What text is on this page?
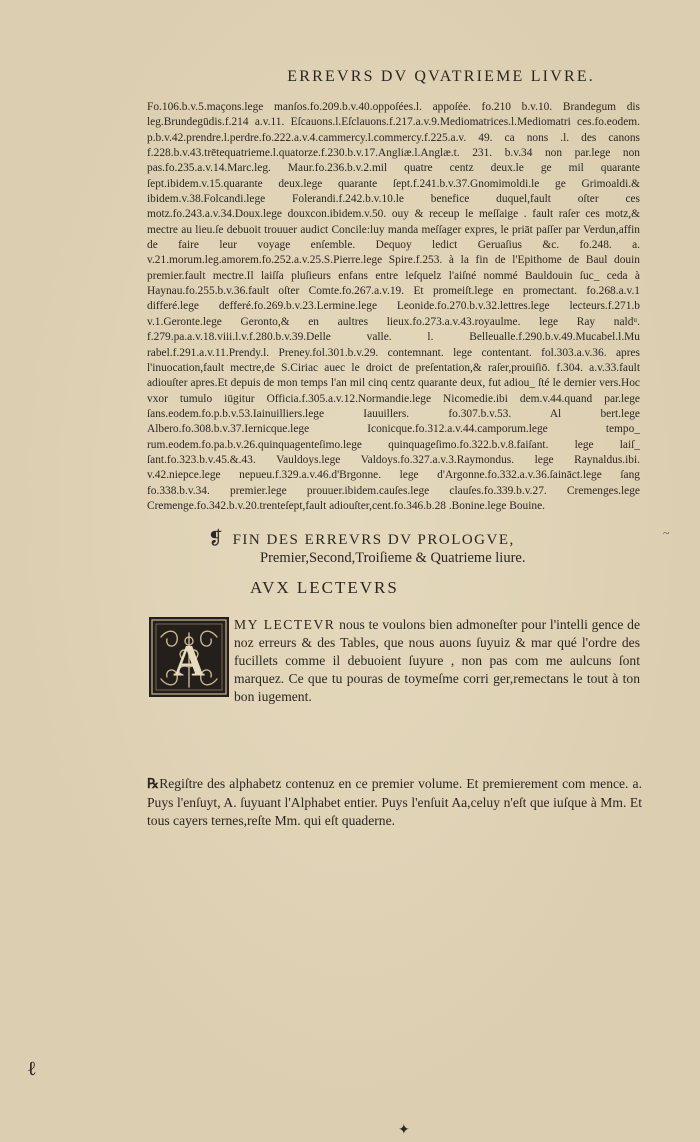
ERREVRS DV QVATRIEME LIVRE.
Fo.106.b.v.5.maçons.lege manſos.fo.209.b.v.40.oppoſées.l. appoſée. fo.210 b.v.10. Brandegum dis leg.Brundegūdis.f.214 a.v.11. Eſcauons.l.Eſclauons.f.217.a.v.9.Mediomatrices.l.Mediomatri ces.fo.eodem. p.b.v.42.prendre.l.perdre.fo.222.a.v.4.cammercy.l.commercy.f.225.a.v. 49. ca nons .l. des canons f.228.b.v.43.trētequatrieme.l.quatorze.f.230.b.v.17.Angliæ.l.Anglæ.t. 231. b.v.34 non par.lege non pas.fo.235.a.v.14.Marc.leg. Maur.fo.236.b.v.2.mil quatre centz deux.le ge mil quarante ſept.ibidem.v.15.quarante deux.lege quarante ſept.f.241.b.v.37.Gnomimoldi.le ge Grimoaldi.& ibidem.v.38.Folcandi.lege Folerandi.f.242.b.v.10.le benefice duquel,fault oſter ces motz.fo.243.a.v.34.Doux.lege douxcon.ibidem.v.50. ouy & receup le meſſaige . fault raſer ces motz,& mectre au lieu.ſe debuoit trouuer audict Concile:luy manda meſſager expres, le priāt paſſer par Verdun,affin de faire leur voyage enſemble. Dequoy ledict Geruaſius &c. fo.248. a. v.21.morum.leg.amorem.fo.252.a.v.25.S.Pierre.lege Spire.f.253. à la fin de l'Epithome de Baul douin premier.fault mectre.Il laiſſa pluſieurs enfans entre leſquelz l'aiſné nommé Bauldouin ſuc_ ceda à Haynau.fo.255.b.v.36.fault oſter Comte.fo.267.a.v.19. Et promeiſt.lege en promectant. fo.268.a.v.1 differé.lege defferé.fo.269.b.v.23.Lermine.lege Leonide.fo.270.b.v.32.lettres.lege lecteurs.f.271.b v.1.Geronte.lege Geronto,& en aultres lieux.fo.273.a.v.43.royaulme. lege Ray naldᵘ. f.279.pa.a.v.18.viii.l.v.f.280.b.v.39.Delle valle. l. Belleualle.f.290.b.v.49.Mucabel.l.Mu rabel.f.291.a.v.11.Prendy.l. Preney.fol.301.b.v.29. contemnant. lege contentant. fol.303.a.v.36. apres l'inuocation,fault mectre,de S.Ciriac auec le droict de preſentation,& raſer,prouiſiō. f.304. a.v.33.fault adiouſter apres.Et depuis de mon temps l'an mil cinq centz quarante deux, fut adiou_ ſté le dernier vers.Hoc vxor tumulo iūgitur Officia.f.305.a.v.12.Normandie.lege Nicomedie.ibi dem.v.44.quand par.lege ſans.eodem.fo.p.b.v.53.Iainuilliers.lege Iauuillers. fo.307.b.v.53. Al bert.lege Albero.fo.308.b.v.37.Iernicque.lege Iconicque.fo.312.a.v.44.camporum.lege tempo_ rum.eodem.fo.pa.b.v.26.quinquagenteſimo.lege quinquageſimo.fo.322.b.v.8.faiſant. lege laiſ_ ſant.fo.323.b.v.45.&.43. Vauldoys.lege Valdoys.fo.327.a.v.3.Raymondus. lege Raynaldus.ibi. v.42.niepce.lege nepueu.f.329.a.v.46.d'Brgonne. lege d'Argonne.fo.332.a.v.36.ſaināct.lege ſang fo.338.b.v.34. premier.lege prouuer.ibidem.cauſes.lege clauſes.fo.339.b.v.27. Cremenges.lege Cremenge.fo.342.b.v.20.trenteſept,fault adiouſter,cent.fo.346.b.28 .Bonine.lege Bouine.
~
❡ FIN DES ERREVRS DV PROLOGVE,
Premier,Second,Troiſieme & Quatrieme liure.
AVX LECTEVRS
A
MY LECTEVR nous te voulons bien admoneſter pour l'intelli gence de noz erreurs & des Tables, que nous auons ſuyuiz & mar qué l'ordre des fucillets comme il debuoient ſuyure , non pas com me aulcuns ſont marquez. Ce que tu pouras de toymeſme corri ger,remectans le tout à ton bon iugement.
℞Regiſtre des alphabetz contenuz en ce premier volume. Et premierement com mence. a. Puys l'enſuyt, A. ſuyuant l'Alphabet entier. Puys l'enſuit Aa,celuy n'eſt que iuſque à Mm. Et tous cayers ternes,reſte Mm. qui eſt quaderne.
ℓ
✦
